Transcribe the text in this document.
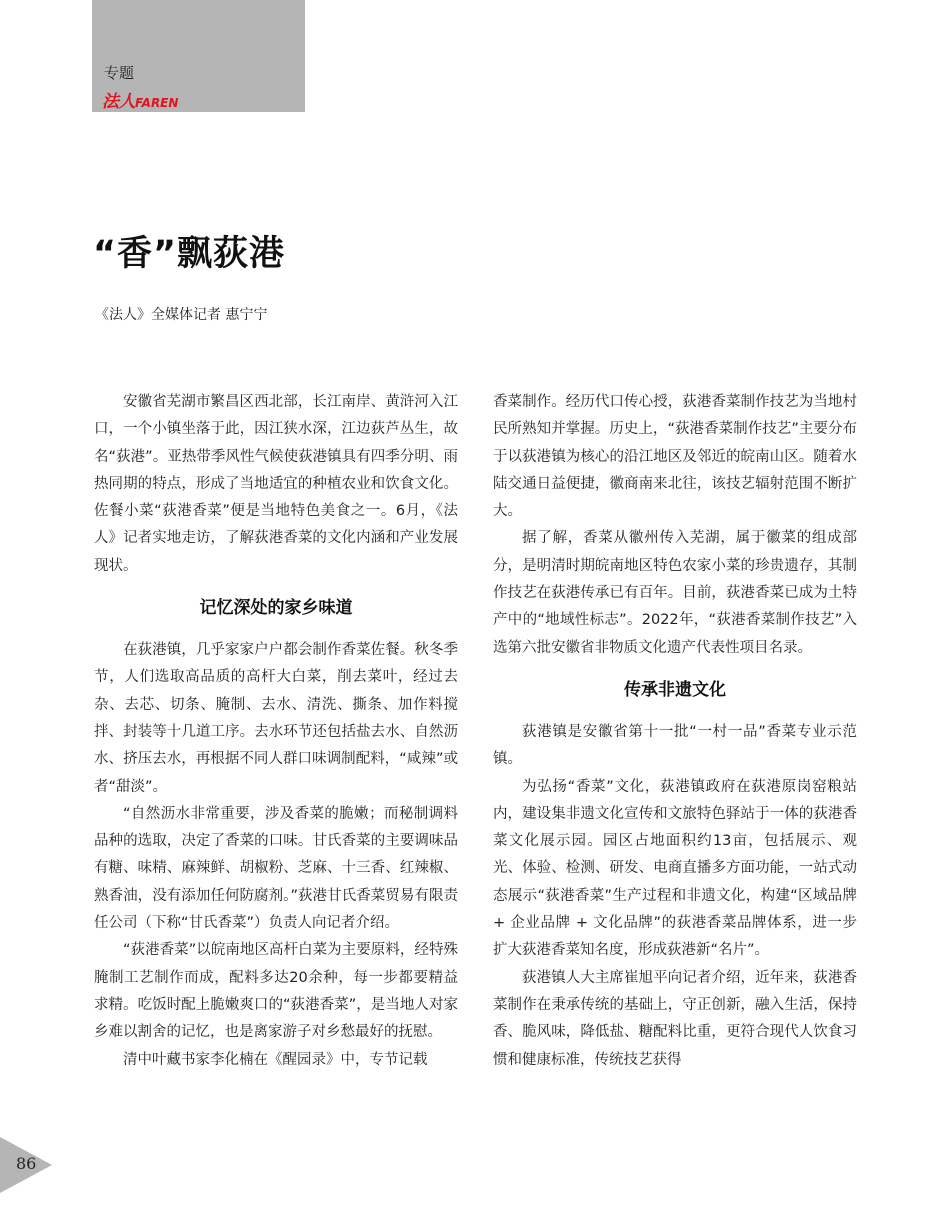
专题
法人FAREN
“香”飘荻港
《法人》全媒体记者 惠宁宁

安徽省芜湖市繁昌区西北部，长江南岸、黄浒河入江口，一个小镇坐落于此，因江狭水深，江边荻芦丛生，故名“荻港”。亚热带季风性气候使荻港镇具有四季分明、雨热同期的特点，形成了当地适宜的种植农业和饮食文化。佐餐小菜“荻港香菜”便是当地特色美食之一。6月，《法人》记者实地走访，了解荻港香菜的文化内涵和产业发展现状。

记忆深处的家乡味道

在荻港镇，几乎家家户户都会制作香菜佐餐。秋冬季节，人们选取高品质的高杆大白菜，削去菜叶，经过去杂、去芯、切条、腌制、去水、清洗、撕条、加作料搅拌、封装等十几道工序。去水环节还包括盐去水、自然沥水、挤压去水，再根据不同人群口味调制配料，“咸辣”或者“甜淡”。

“自然沥水非常重要，涉及香菜的脆嫩；而秘制调料品种的选取，决定了香菜的口味。甘氏香菜的主要调味品有糖、味精、麻辣鲜、胡椒粉、芝麻、十三香、红辣椒、熟香油，没有添加任何防腐剂。”荻港甘氏香菜贸易有限责任公司（下称“甘氏香菜”）负责人向记者介绍。

“荻港香菜”以皖南地区高杆白菜为主要原料，经特殊腌制工艺制作而成，配料多达20余种，每一步都要精益求精。吃饭时配上脆嫩爽口的“荻港香菜”，是当地人对家乡难以割舍的记忆，也是离家游子对乡愁最好的抚慰。

清中叶藏书家李化楠在《醒园录》中，专节记载

香菜制作。经历代口传心授，荻港香菜制作技艺为当地村民所熟知并掌握。历史上，“荻港香菜制作技艺”主要分布于以荻港镇为核心的沿江地区及邻近的皖南山区。随着水陆交通日益便捷，徽商南来北往，该技艺辐射范围不断扩大。

据了解，香菜从徽州传入芜湖，属于徽菜的组成部分，是明清时期皖南地区特色农家小菜的珍贵遗存，其制作技艺在荻港传承已有百年。目前，荻港香菜已成为土特产中的“地域性标志”。2022年，“荻港香菜制作技艺”入选第六批安徽省非物质文化遗产代表性项目名录。

传承非遗文化

荻港镇是安徽省第十一批“一村一品”香菜专业示范镇。

为弘扬“香菜”文化，荻港镇政府在荻港原岗窑粮站内，建设集非遗文化宣传和文旅特色驿站于一体的荻港香菜文化展示园。园区占地面积约13亩，包括展示、观光、体验、检测、研发、电商直播多方面功能，一站式动态展示“荻港香菜”生产过程和非遗文化，构建“区域品牌 + 企业品牌 + 文化品牌”的荻港香菜品牌体系，进一步扩大荻港香菜知名度，形成荻港新“名片”。

荻港镇人大主席崔旭平向记者介绍，近年来，荻港香菜制作在秉承传统的基础上，守正创新，融入生活，保持香、脆风味，降低盐、糖配料比重，更符合现代人饮食习惯和健康标准，传统技艺获得

86
